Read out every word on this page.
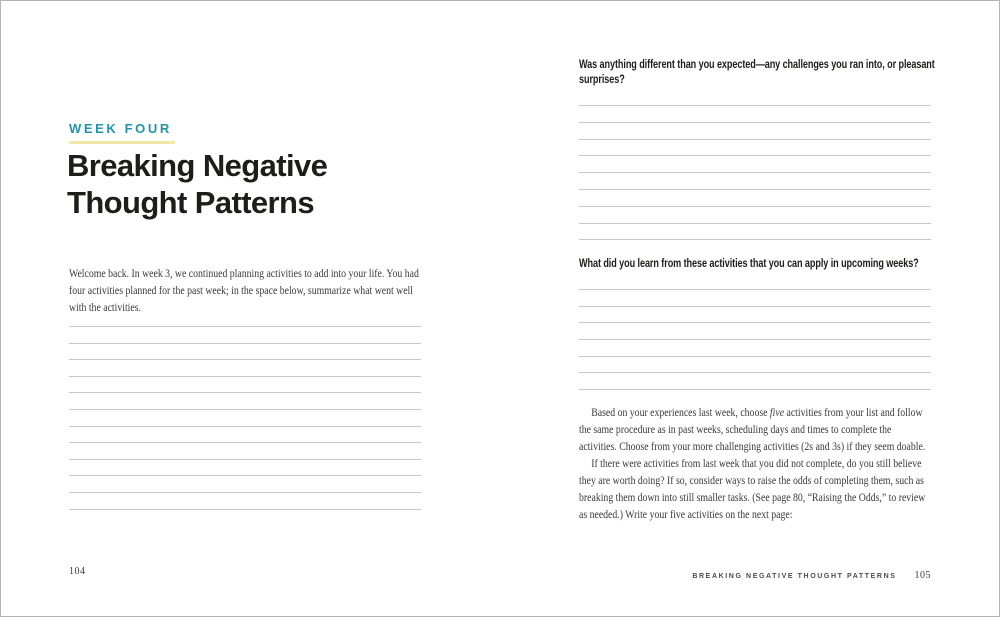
WEEK FOUR
Breaking Negative
Thought Patterns
Welcome back. In week 3, we continued planning activities to add into your life. You had four activities planned for the past week; in the space below, summarize what went well with the activities.
104
Was anything different than you expected—any challenges you ran into, or pleasant surprises?
What did you learn from these activities that you can apply in upcoming weeks?

Based on your experiences last week, choose five activities from your list and follow the same procedure as in past weeks, scheduling days and times to complete the activities. Choose from your more challenging activities (2s and 3s) if they seem doable.

If there were activities from last week that you did not complete, do you still believe they are worth doing? If so, consider ways to raise the odds of completing them, such as breaking them down into still smaller tasks. (See page 80, “Raising the Odds,” to review as needed.) Write your five activities on the next page:

BREAKING NEGATIVE THOUGHT PATTERNS 105
